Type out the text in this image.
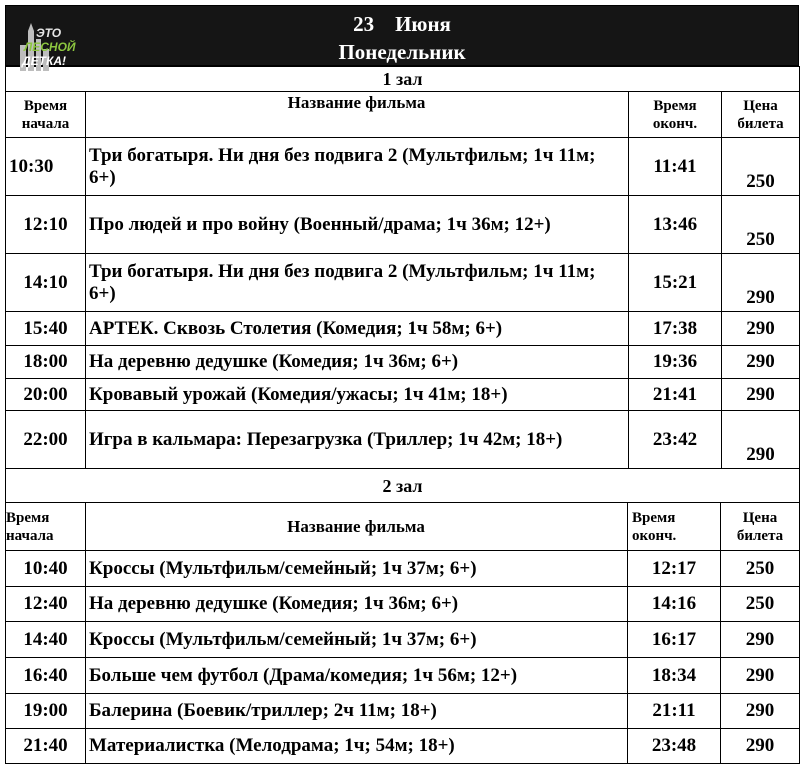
23    Июня
Понедельник
1 зал			
Время начала	Название фильма	Время оконч.	Цена билета
10:30	Три богатыря. Ни дня без подвига 2 (Мультфильм; 1ч 11м; 6+)	11:41	250
12:10	Про людей и про войну (Военный/драма; 1ч 36м; 12+)	13:46	250
14:10	Три богатыря. Ни дня без подвига 2 (Мультфильм; 1ч 11м; 6+)	15:21	290
15:40	АРТЕК. Сквозь Столетия (Комедия; 1ч 58м; 6+)	17:38	290
18:00	На деревню дедушке (Комедия; 1ч 36м; 6+)	19:36	290
20:00	Кровавый урожай (Комедия/ужасы; 1ч 41м; 18+)	21:41	290
22:00	Игра в кальмара: Перезагрузка (Триллер; 1ч 42м; 18+)	23:42	290
2 зал			
Время начала	Название фильма	Время оконч.	Цена билета
10:40	Кроссы (Мультфильм/семейный; 1ч 37м; 6+)	12:17	250
12:40	На деревню дедушке (Комедия; 1ч 36м; 6+)	14:16	250
14:40	Кроссы (Мультфильм/семейный; 1ч 37м; 6+)	16:17	290
16:40	Больше чем футбол (Драма/комедия; 1ч 56м; 12+)	18:34	290
19:00	Балерина (Боевик/триллер; 2ч 11м; 18+)	21:11	290
21:40	Материалистка (Мелодрама; 1ч; 54м; 18+)	23:48	290
ЭТО
ЛЕСНОЙ
ДЕТКА!
